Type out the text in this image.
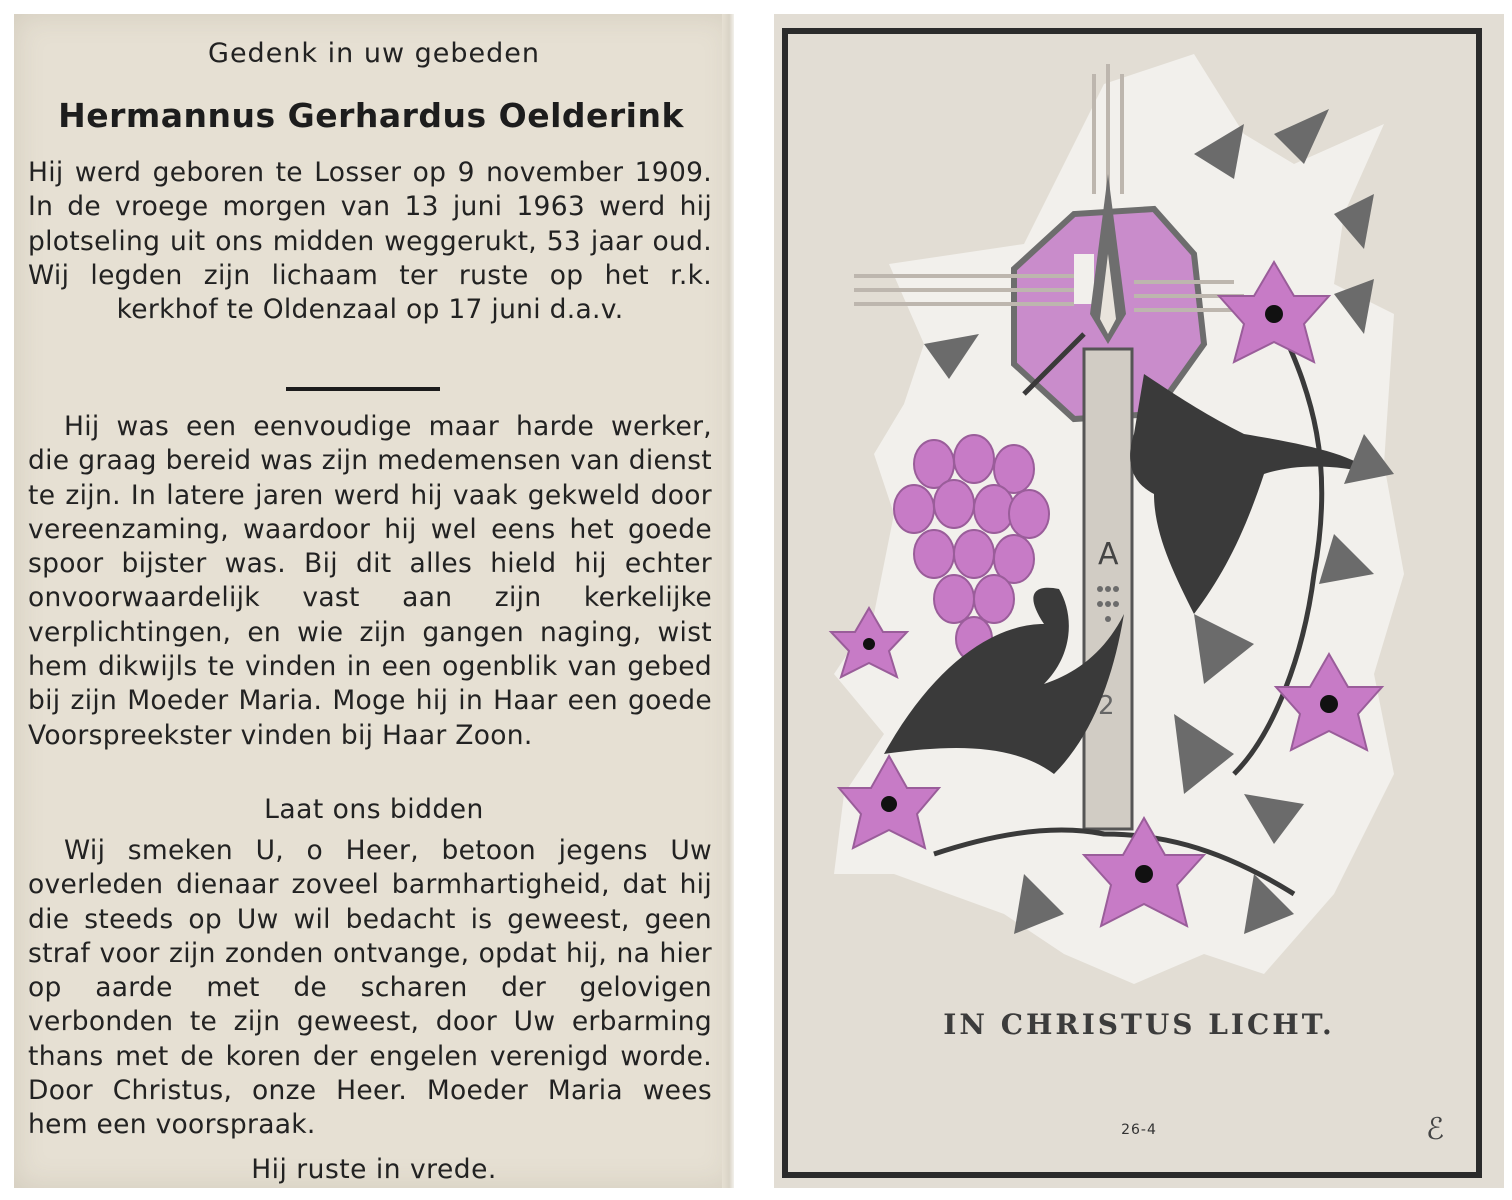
Gedenk in uw gebeden
Hermannus Gerhardus Oelderink
Hij werd geboren te Losser op 9 november 1909. In de vroege morgen van 13 juni 1963 werd hij plotseling uit ons midden weggerukt, 53 jaar oud. Wij legden zijn lichaam ter ruste op het r.k. kerkhof te Oldenzaal op 17 juni d.a.v.
Hij was een eenvoudige maar harde werker, die graag bereid was zijn medemensen van dienst te zijn. In latere jaren werd hij vaak gekweld door vereenzaming, waardoor hij wel eens het goede spoor bijster was. Bij dit alles hield hij echter onvoorwaardelijk vast aan zijn kerkelijke verplichtingen, en wie zijn gangen naging, wist hem dikwijls te vinden in een ogenblik van gebed bij zijn Moeder Maria. Moge hij in Haar een goede Voorspreekster vinden bij Haar Zoon.
Laat ons bidden
Wij smeken U, o Heer, betoon jegens Uw overleden dienaar zoveel barmhartigheid, dat hij die steeds op Uw wil bedacht is geweest, geen straf voor zijn zonden ontvange, opdat hij, na hier op aarde met de scharen der gelovigen verbonden te zijn geweest, door Uw erbarming thans met de koren der engelen verenigd worde. Door Christus, onze Heer. Moeder Maria wees hem een voorspraak.
Hij ruste in vrede.
A
2
IN CHRISTUS LICHT.
26-4	ℰ
